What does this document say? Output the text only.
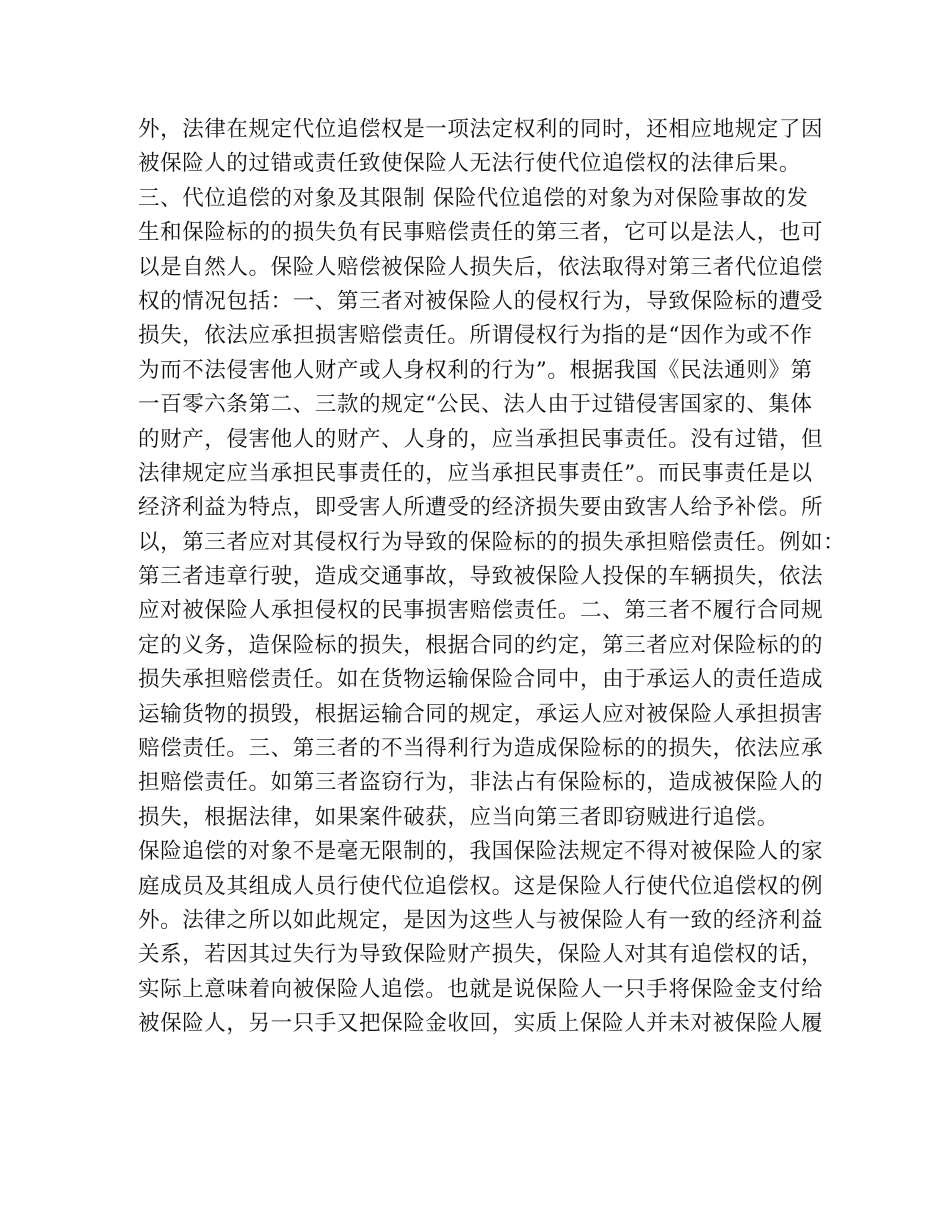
外，法律在规定代位追偿权是一项法定权利的同时，还相应地规定了因
被保险人的过错或责任致使保险人无法行使代位追偿权的法律后果。
三、代位追偿的对象及其限制 保险代位追偿的对象为对保险事故的发
生和保险标的的损失负有民事赔偿责任的第三者，它可以是法人，也可
以是自然人。保险人赔偿被保险人损失后，依法取得对第三者代位追偿
权的情况包括：一、第三者对被保险人的侵权行为，导致保险标的遭受
损失，依法应承担损害赔偿责任。所谓侵权行为指的是“因作为或不作
为而不法侵害他人财产或人身权利的行为”。根据我国《民法通则》第
一百零六条第二、三款的规定“公民、法人由于过错侵害国家的、集体
的财产，侵害他人的财产、人身的，应当承担民事责任。没有过错，但
法律规定应当承担民事责任的，应当承担民事责任”。而民事责任是以
经济利益为特点，即受害人所遭受的经济损失要由致害人给予补偿。所
以，第三者应对其侵权行为导致的保险标的的损失承担赔偿责任。例如：
第三者违章行驶，造成交通事故，导致被保险人投保的车辆损失，依法
应对被保险人承担侵权的民事损害赔偿责任。二、第三者不履行合同规
定的义务，造保险标的损失，根据合同的约定，第三者应对保险标的的
损失承担赔偿责任。如在货物运输保险合同中，由于承运人的责任造成
运输货物的损毁，根据运输合同的规定，承运人应对被保险人承担损害
赔偿责任。三、第三者的不当得利行为造成保险标的的损失，依法应承
担赔偿责任。如第三者盗窃行为，非法占有保险标的，造成被保险人的
损失，根据法律，如果案件破获，应当向第三者即窃贼进行追偿。
保险追偿的对象不是毫无限制的，我国保险法规定不得对被保险人的家
庭成员及其组成人员行使代位追偿权。这是保险人行使代位追偿权的例
外。法律之所以如此规定，是因为这些人与被保险人有一致的经济利益
关系，若因其过失行为导致保险财产损失，保险人对其有追偿权的话，
实际上意味着向被保险人追偿。也就是说保险人一只手将保险金支付给
被保险人，另一只手又把保险金收回，实质上保险人并未对被保险人履
